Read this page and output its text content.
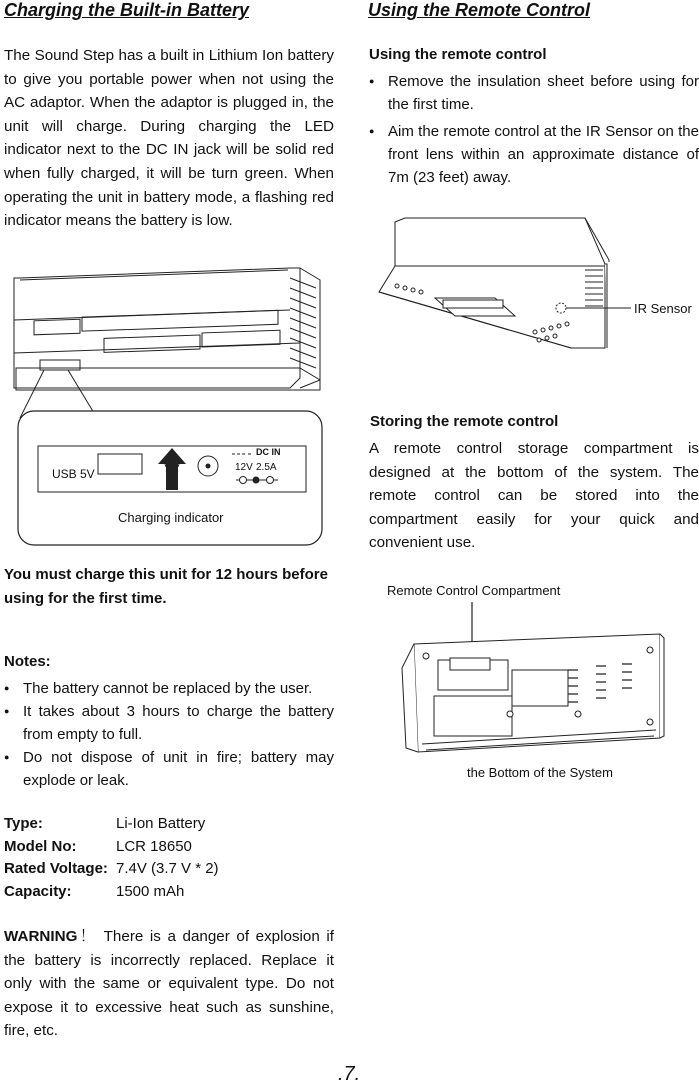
Charging the Built-in Battery

The Sound Step has a built in Lithium Ion battery to give you portable power when not using the AC adaptor. When the adaptor is plugged in, the unit will charge. During charging the LED indicator next to the DC IN jack will be solid red when fully charged, it will be turn green. When operating the unit in battery mode, a flashing red indicator means the battery is low.

USB 5V
DC IN
12V 2.5A
Charging indicator
You must charge this unit for 12 hours before using for the first time.
Notes:
● The battery cannot be replaced by the user.
● It takes about 3 hours to charge the battery from empty to full.
● Do not dispose of unit in fire; battery may explode or leak.
Type:	Li-Ion Battery
Model No:	LCR 18650
Rated Voltage: 7.4V (3.7 V * 2)
Capacity:	1500 mAh

WARNING！ There is a danger of explosion if the battery is incorrectly replaced. Replace it only with the same or equivalent type. Do not expose it to excessive heat such as sunshine, fire, etc.

Using the Remote Control
Using the remote control
● Remove the insulation sheet before using for the first time.
● Aim the remote control at the IR Sensor on the front lens within an approximate distance of 7m (23 feet) away.
IR Sensor
Storing the remote control

A remote control storage compartment is designed at the bottom of the system. The remote control can be stored into the compartment easily for your quick and convenient use.

Remote Control Compartment
the Bottom of the System
.7.
